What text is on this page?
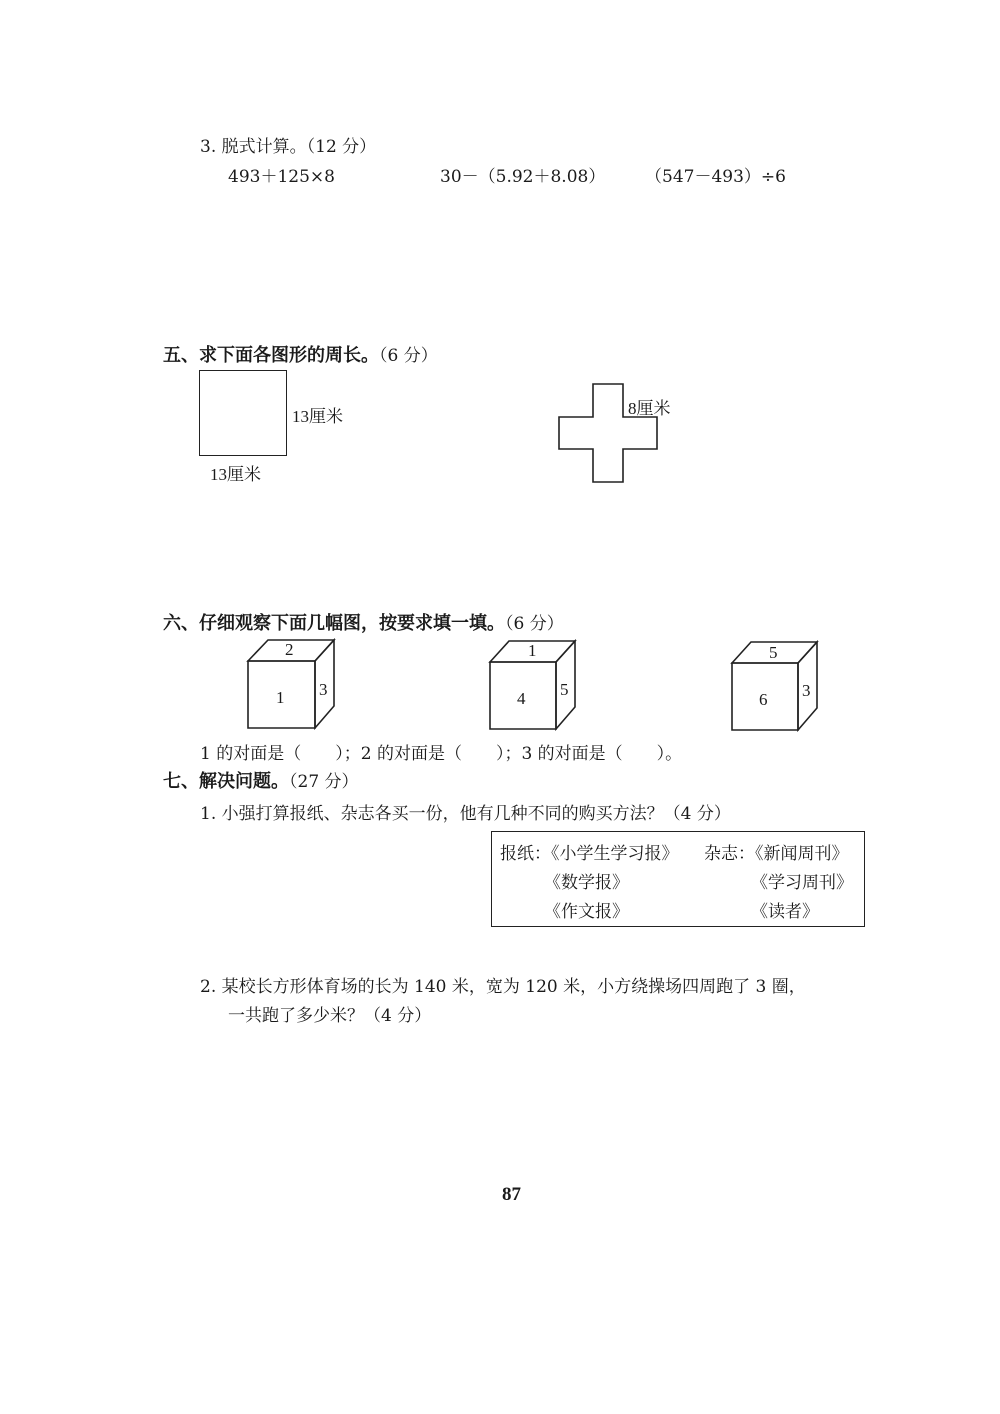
3. 脱式计算。（12 分）
493＋125×8	30－（5.92＋8.08） （547－493）÷6
五、求下面各图形的周长。（6 分）
13厘米
13厘米
8厘米
六、仔细观察下面几幅图，按要求填一填。（6 分）
2
1 3
1
4 5
5
6 3
1 的对面是（　　）；2 的对面是（　　）；3 的对面是（　　）。
七、解决问题。（27 分）
1. 小强打算报纸、杂志各买一份，他有几种不同的购买方法？（4 分）
报纸：《小学生学习报》 杂志：《新闻周刊》
《数学报》	《学习周刊》
《作文报》	《读者》
2. 某校长方形体育场的长为 140 米，宽为 120 米，小方绕操场四周跑了 3 圈，
一共跑了多少米？（4 分）
87
